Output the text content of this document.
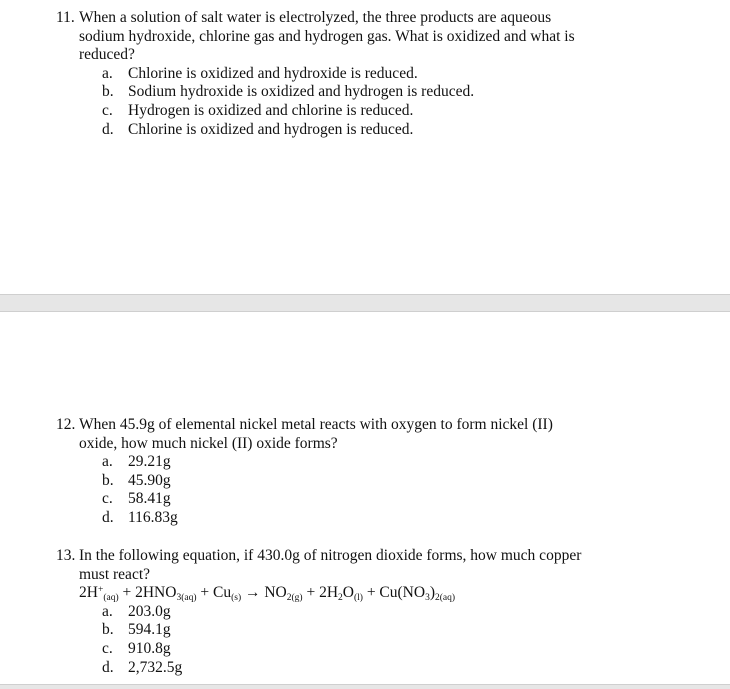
11. When a solution of salt water is electrolyzed, the three products are aqueous
sodium hydroxide, chlorine gas and hydrogen gas. What is oxidized and what is
reduced?
a. Chlorine is oxidized and hydroxide is reduced.
b. Sodium hydroxide is oxidized and hydrogen is reduced.
c. Hydrogen is oxidized and chlorine is reduced.
d. Chlorine is oxidized and hydrogen is reduced.
12. When 45.9g of elemental nickel metal reacts with oxygen to form nickel (II)
oxide, how much nickel (II) oxide forms?
a. 29.21g
b. 45.90g
c. 58.41g
d. 116.83g
13. In the following equation, if 430.0g of nitrogen dioxide forms, how much copper
must react?
$2H^+_{(aq)} + 2HNO_{3(aq)} + Cu_{(s)} \to NO_{2(g)} + 2H_2O_{(l)} + Cu(NO_3)_{2(aq)}$
a. 203.0g
b. 594.1g
c. 910.8g
d. 2,732.5g
